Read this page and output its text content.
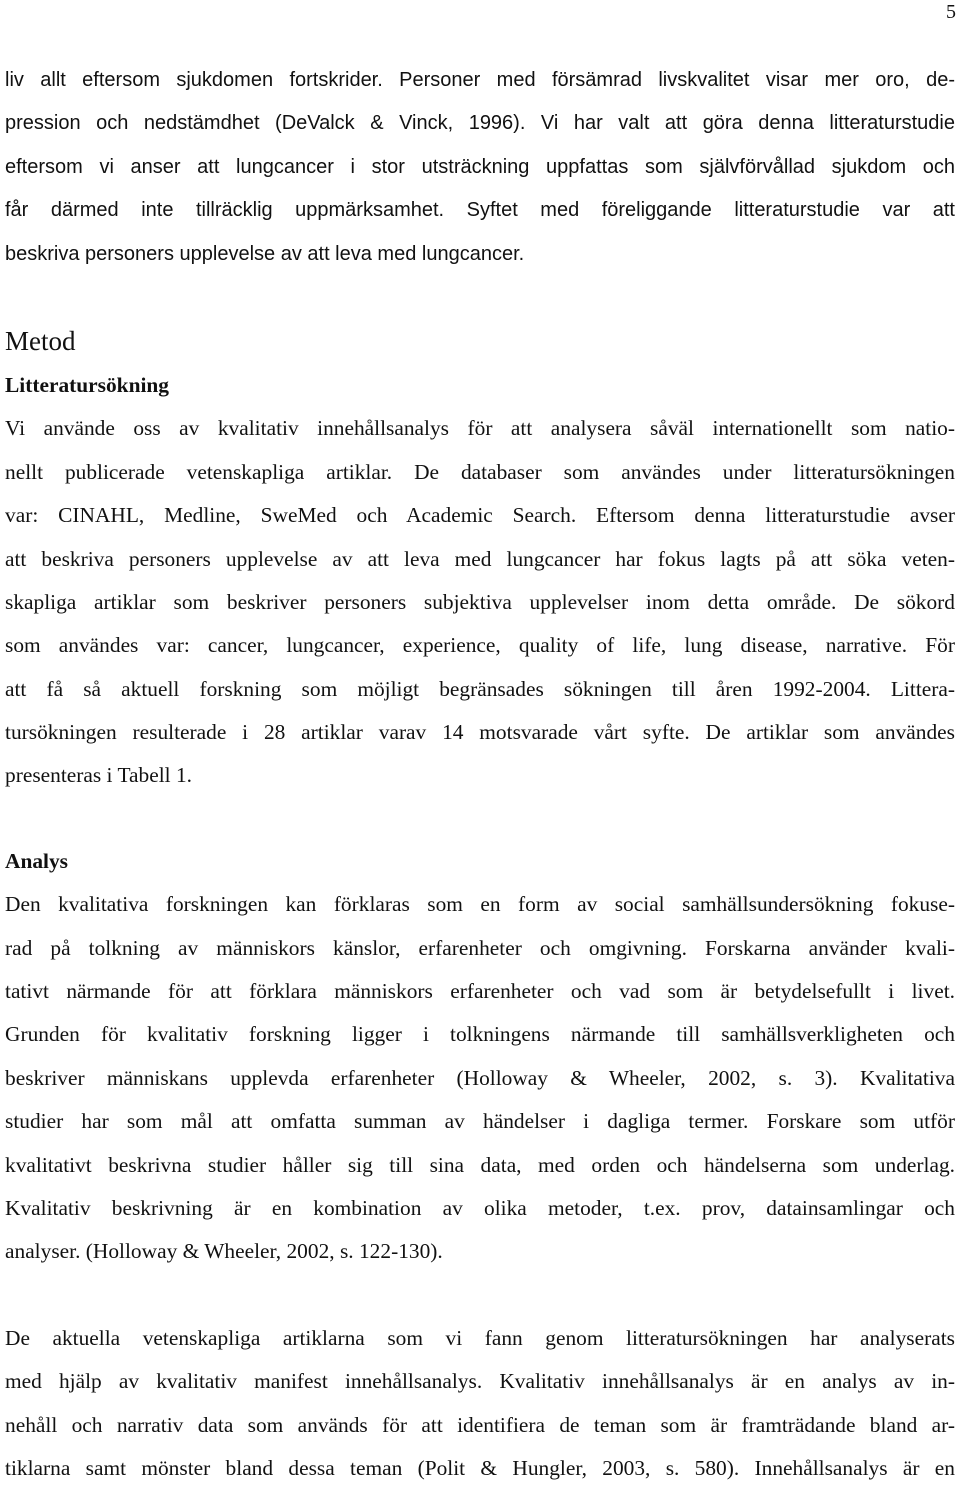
5
liv allt eftersom sjukdomen fortskrider. Personer med försämrad livskvalitet visar mer oro, de-
pression och nedstämdhet (DeValck & Vinck, 1996). Vi har valt att göra denna litteraturstudie
eftersom vi anser att lungcancer i stor utsträckning uppfattas som självförvållad sjukdom och
får därmed inte tillräcklig uppmärksamhet. Syftet med föreliggande litteraturstudie var att
beskriva personers upplevelse av att leva med lungcancer.
Metod
Litteratursökning
Vi använde oss av kvalitativ innehållsanalys för att analysera såväl internationellt som natio-
nellt publicerade vetenskapliga artiklar. De databaser som användes under litteratursökningen
var: CINAHL, Medline, SweMed och Academic Search. Eftersom denna litteraturstudie avser
att beskriva personers upplevelse av att leva med lungcancer har fokus lagts på att söka veten-
skapliga artiklar som beskriver personers subjektiva upplevelser inom detta område. De sökord
som användes var: cancer, lungcancer, experience, quality of life, lung disease, narrative. För
att få så aktuell forskning som möjligt begränsades sökningen till åren 1992-2004. Littera-
tursökningen resulterade i 28 artiklar varav 14 motsvarade vårt syfte. De artiklar som användes
presenteras i Tabell 1.
Analys
Den kvalitativa forskningen kan förklaras som en form av social samhällsundersökning fokuse-
rad på tolkning av människors känslor, erfarenheter och omgivning. Forskarna använder kvali-
tativt närmande för att förklara människors erfarenheter och vad som är betydelsefullt i livet.
Grunden för kvalitativ forskning ligger i tolkningens närmande till samhällsverkligheten och
beskriver människans upplevda erfarenheter (Holloway & Wheeler, 2002, s. 3). Kvalitativa
studier har som mål att omfatta summan av händelser i dagliga termer. Forskare som utför
kvalitativt beskrivna studier håller sig till sina data, med orden och händelserna som underlag.
Kvalitativ beskrivning är en kombination av olika metoder, t.ex. prov, datainsamlingar och
analyser. (Holloway & Wheeler, 2002, s. 122-130).
De aktuella vetenskapliga artiklarna som vi fann genom litteratursökningen har analyserats
med hjälp av kvalitativ manifest innehållsanalys. Kvalitativ innehållsanalys är en analys av in-
nehåll och narrativ data som används för att identifiera de teman som är framträdande bland ar-
tiklarna samt mönster bland dessa teman (Polit & Hungler, 2003, s. 580). Innehållsanalys är en
